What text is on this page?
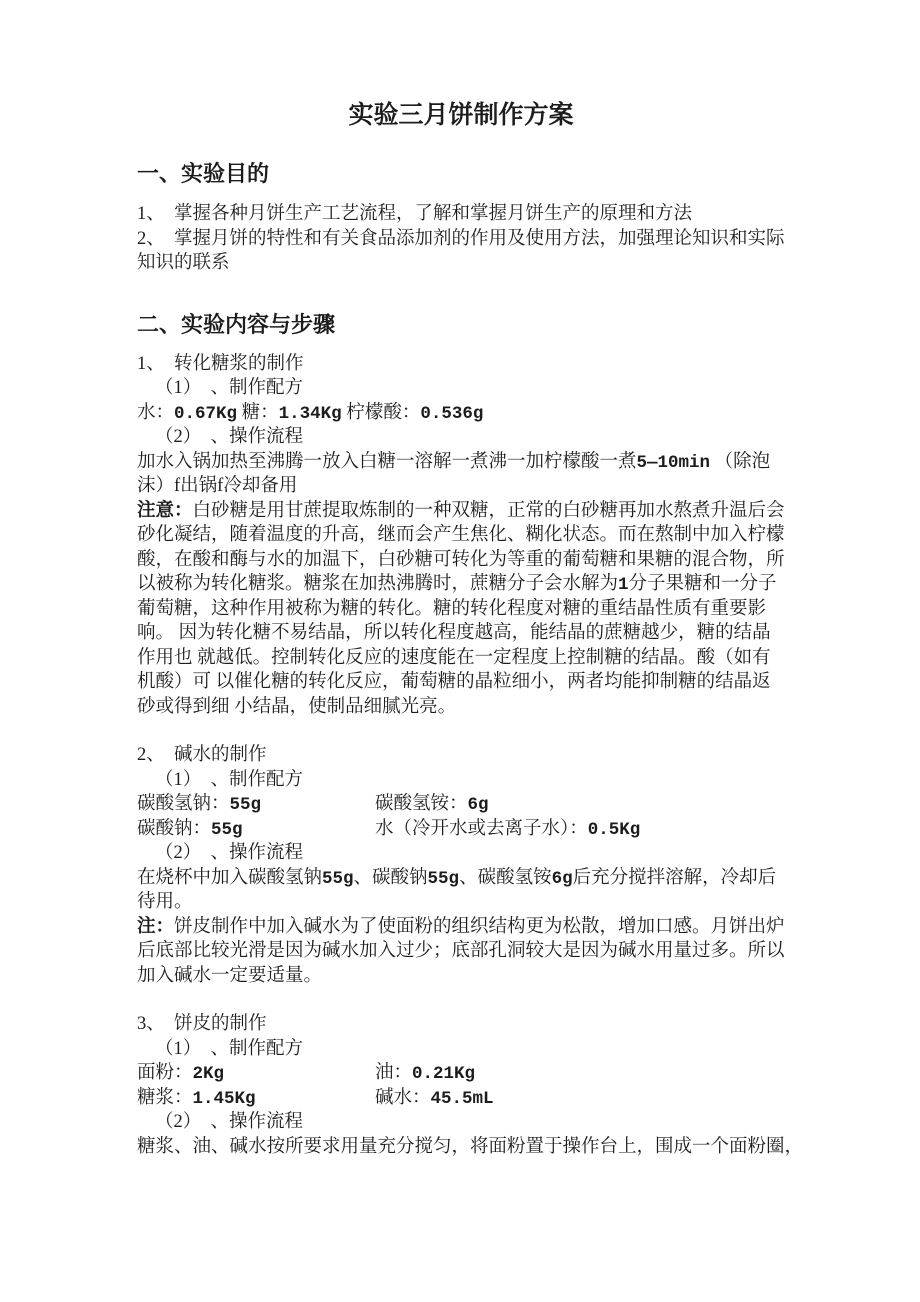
实验三月饼制作方案
一、实验目的
1、　掌握各种月饼生产工艺流程，了解和掌握月饼生产的原理和方法
2、　掌握月饼的特性和有关食品添加剂的作用及使用方法，加强理论知识和实际
知识的联系
二、实验内容与步骤
1、　转化糖浆的制作
（1）　、制作配方
水：0.67Kg 糖：1.34Kg 柠檬酸：0.536g
（2）　、操作流程
加水入锅加热至沸腾一放入白糖一溶解一煮沸一加柠檬酸一煮5—10min （除泡
沫）f出锅f冷却备用
注意：白砂糖是用甘蔗提取炼制的一种双糖，正常的白砂糖再加水熬煮升温后会
砂化凝结，随着温度的升高，继而会产生焦化、糊化状态。而在熬制中加入柠檬
酸，在酸和酶与水的加温下，白砂糖可转化为等重的葡萄糖和果糖的混合物，所
以被称为转化糖浆。糖浆在加热沸腾时，蔗糖分子会水解为1分子果糖和一分子
葡萄糖，这种作用被称为糖的转化。糖的转化程度对糖的重结晶性质有重要影
响。 因为转化糖不易结晶，所以转化程度越高，能结晶的蔗糖越少，糖的结晶
作用也 就越低。控制转化反应的速度能在一定程度上控制糖的结晶。酸（如有
机酸）可 以催化糖的转化反应，葡萄糖的晶粒细小，两者均能抑制糖的结晶返
砂或得到细 小结晶，使制品细腻光亮。
2、　碱水的制作
（1）　、制作配方
碳酸氢钠：55g	碳酸氢铵：6g
碳酸钠：55g	水（冷开水或去离子水）：0.5Kg
（2）　、操作流程
在烧杯中加入碳酸氢钠55g、碳酸钠55g、碳酸氢铵6g后充分搅拌溶解，冷却后
待用。
注：饼皮制作中加入碱水为了使面粉的组织结构更为松散，增加口感。月饼出炉
后底部比较光滑是因为碱水加入过少；底部孔洞较大是因为碱水用量过多。所以
加入碱水一定要适量。
3、　饼皮的制作
（1）　、制作配方
面粉：2Kg	油：0.21Kg
糖浆：1.45Kg	碱水：45.5mL
（2）　、操作流程
糖浆、油、碱水按所要求用量充分搅匀，将面粉置于操作台上，围成一个面粉圈，
